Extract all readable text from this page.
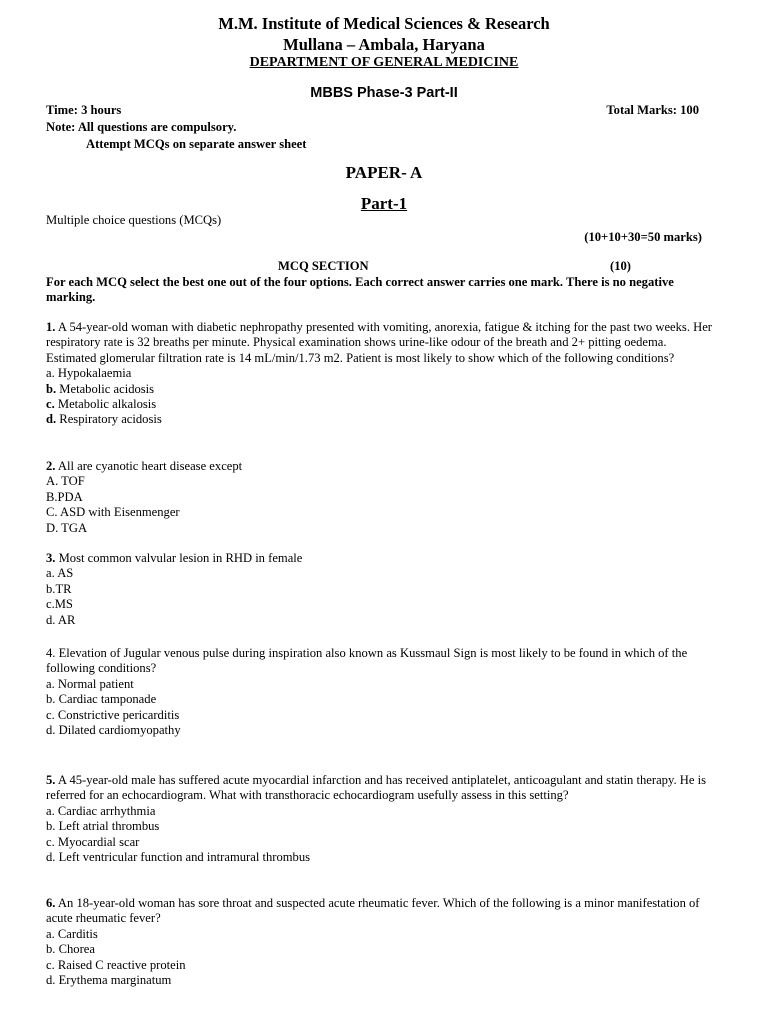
M.M. Institute of Medical Sciences & Research
Mullana – Ambala, Haryana
DEPARTMENT OF GENERAL MEDICINE
MBBS Phase-3 Part-II
Time: 3 hours	Total Marks: 100
Note: All questions are compulsory.
Attempt MCQs on separate answer sheet
PAPER- A
Part-1
Multiple choice questions (MCQs)
(10+10+30=50 marks)
MCQ SECTION	(10)
For each MCQ select the best one out of the four options. Each correct answer carries one mark. There is no negative marking.

1. A 54-year-old woman with diabetic nephropathy presented with vomiting, anorexia, fatigue & itching for the past two weeks. Her respiratory rate is 32 breaths per minute. Physical examination shows urine-like odour of the breath and 2+ pitting oedema. Estimated glomerular filtration rate is 14 mL/min/1.73 m2. Patient is most likely to show which of the following conditions?

a. Hypokalaemia

b. Metabolic acidosis

c. Metabolic alkalosis

d. Respiratory acidosis

2. All are cyanotic heart disease except

A. TOF

B.PDA

C. ASD with Eisenmenger

D. TGA

3. Most common valvular lesion in RHD in female

a. AS

b.TR

c.MS

d. AR

4. Elevation of Jugular venous pulse during inspiration also known as Kussmaul Sign is most likely to be found in which of the following conditions?

a. Normal patient

b. Cardiac tamponade

c. Constrictive pericarditis

d. Dilated cardiomyopathy

5. A 45-year-old male has suffered acute myocardial infarction and has received antiplatelet, anticoagulant and statin therapy. He is referred for an echocardiogram. What with transthoracic echocardiogram usefully assess in this setting?

a. Cardiac arrhythmia

b. Left atrial thrombus

c. Myocardial scar

d. Left ventricular function and intramural thrombus

6. An 18-year-old woman has sore throat and suspected acute rheumatic fever. Which of the following is a minor manifestation of acute rheumatic fever?

a. Carditis

b. Chorea

c. Raised C reactive protein

d. Erythema marginatum
